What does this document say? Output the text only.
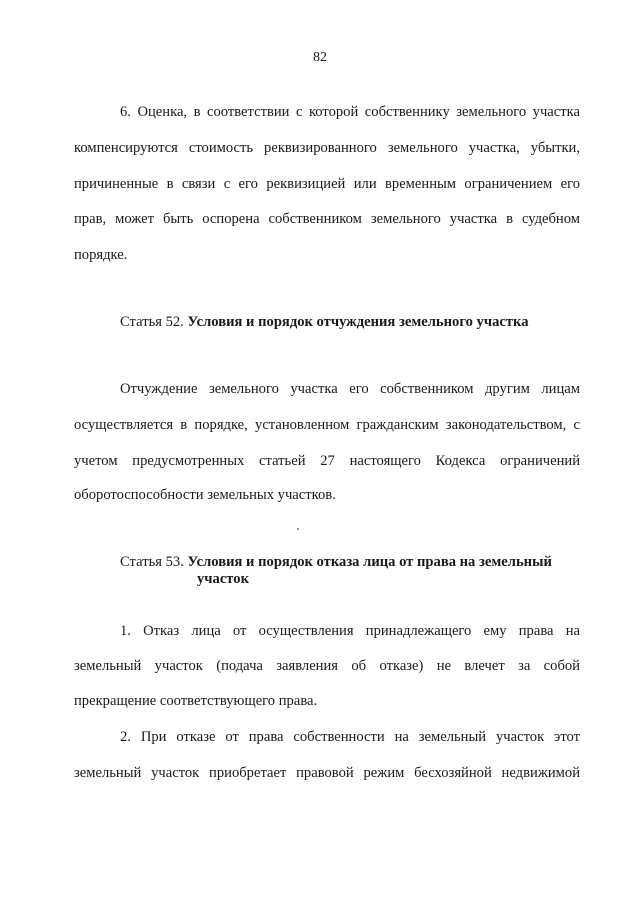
82
6. Оценка, в соответствии с которой собственнику земельного участка
компенсируются стоимость реквизированного земельного участка, убытки,
причиненные в связи с его реквизицией или временным ограничением его
прав, может быть оспорена собственником земельного участка в судебном
порядке.
Статья 52. Условия и порядок отчуждения земельного участка
Отчуждение земельного участка его собственником другим лицам
осуществляется в порядке, установленном гражданским законодательством, с
учетом предусмотренных статьей 27 настоящего Кодекса ограничений
оборотоспособности земельных участков.
Статья 53. Условия и порядок отказа лица от права на земельный
участок
1. Отказ лица от осуществления принадлежащего ему права на
земельный участок (подача заявления об отказе) не влечет за собой
прекращение соответствующего права.
2. При отказе от права собственности на земельный участок этот
земельный участок приобретает правовой режим бесхозяйной недвижимой
